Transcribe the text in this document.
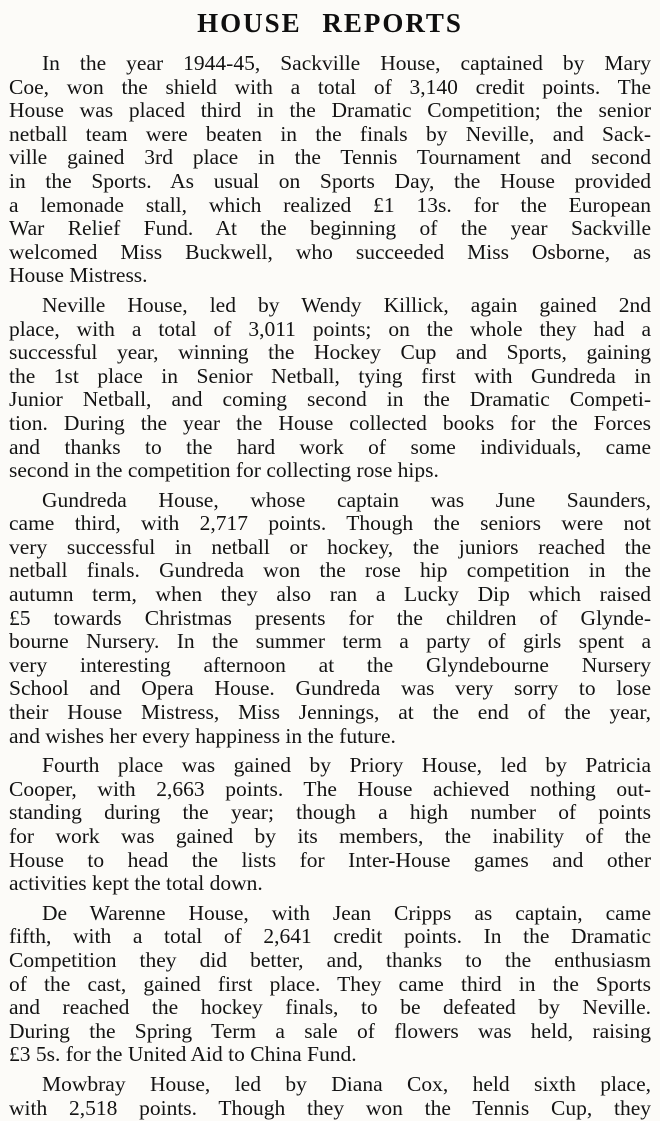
HOUSE REPORTS

In the year 1944-45, Sackville House, captained by Mary
Coe, won the shield with a total of 3,140 credit points. The
House was placed third in the Dramatic Competition; the senior
netball team were beaten in the finals by Neville, and Sack-
ville gained 3rd place in the Tennis Tournament and second
in the Sports. As usual on Sports Day, the House provided
a lemonade stall, which realized £1 13s. for the European
War Relief Fund. At the beginning of the year Sackville
welcomed Miss Buckwell, who succeeded Miss Osborne, as
House Mistress.

Neville House, led by Wendy Killick, again gained 2nd
place, with a total of 3,011 points; on the whole they had a
successful year, winning the Hockey Cup and Sports, gaining
the 1st place in Senior Netball, tying first with Gundreda in
Junior Netball, and coming second in the Dramatic Competi-
tion. During the year the House collected books for the Forces
and thanks to the hard work of some individuals, came
second in the competition for collecting rose hips.

Gundreda House, whose captain was June Saunders,
came third, with 2,717 points. Though the seniors were not
very successful in netball or hockey, the juniors reached the
netball finals. Gundreda won the rose hip competition in the
autumn term, when they also ran a Lucky Dip which raised
£5 towards Christmas presents for the children of Glynde-
bourne Nursery. In the summer term a party of girls spent a
very interesting afternoon at the Glyndebourne Nursery
School and Opera House. Gundreda was very sorry to lose
their House Mistress, Miss Jennings, at the end of the year,
and wishes her every happiness in the future.

Fourth place was gained by Priory House, led by Patricia
Cooper, with 2,663 points. The House achieved nothing out-
standing during the year; though a high number of points
for work was gained by its members, the inability of the
House to head the lists for Inter-House games and other
activities kept the total down.

De Warenne House, with Jean Cripps as captain, came
fifth, with a total of 2,641 credit points. In the Dramatic
Competition they did better, and, thanks to the enthusiasm
of the cast, gained first place. They came third in the Sports
and reached the hockey finals, to be defeated by Neville.
During the Spring Term a sale of flowers was held, raising
£3 5s. for the United Aid to China Fund.

Mowbray House, led by Diana Cox, held sixth place,
with 2,518 points. Though they won the Tennis Cup, they
